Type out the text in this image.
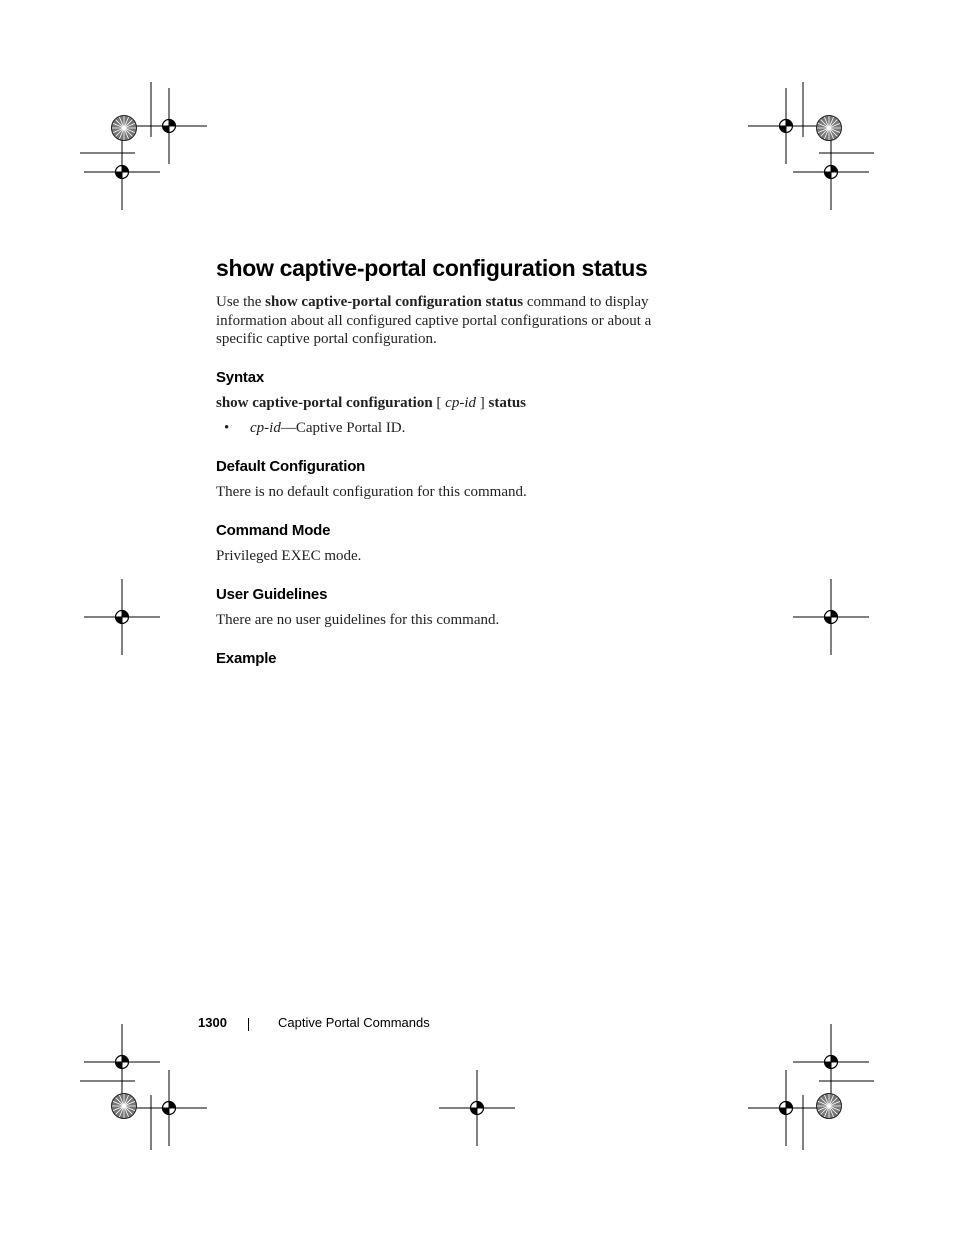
show captive-portal configuration status

Use the show captive-portal configuration status command to display information about all configured captive portal configurations or about a specific captive portal configuration.

Syntax

show captive-portal configuration [ cp-id ] status

• cp-id—Captive Portal ID.

Default Configuration

There is no default configuration for this command.

Command Mode

Privileged EXEC mode.

User Guidelines

There are no user guidelines for this command.

Example
1300	Captive Portal Commands
